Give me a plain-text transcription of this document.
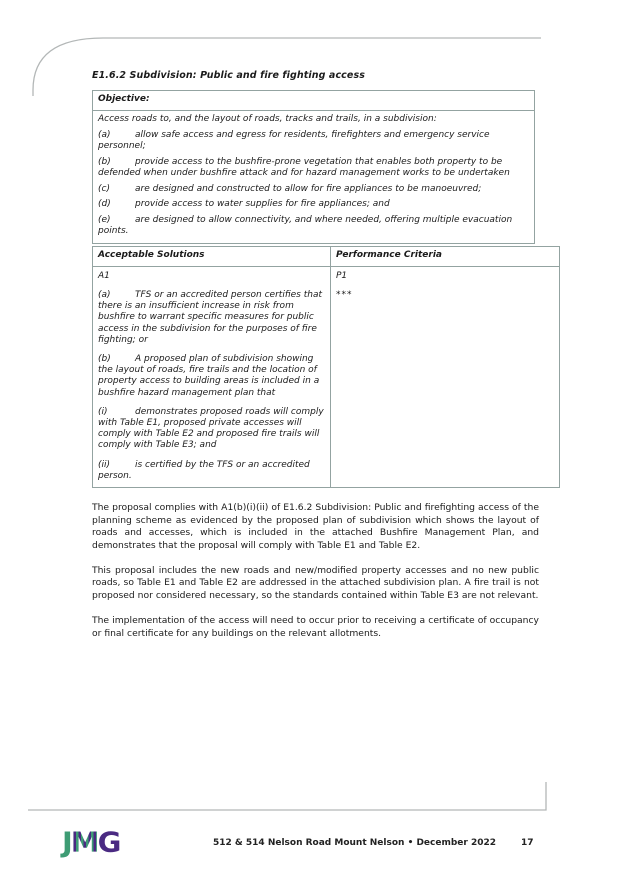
E1.6.2 Subdivision: Public and fire fighting access

Objective:

Access roads to, and the layout of roads, tracks and trails, in a subdivision:

(a)	allow safe access and egress for residents, firefighters and emergency service personnel;

(b)	provide access to the bushfire-prone vegetation that enables both property to be defended when under bushfire attack and for hazard management works to be undertaken

(c)	are designed and constructed to allow for fire appliances to be manoeuvred;

(d)	provide access to water supplies for fire appliances; and

(e)	are designed to allow connectivity, and where needed, offering multiple evacuation points.

Acceptable Solutions	Performance Criteria

A1

(a)	TFS or an accredited person certifies that there is an insufficient increase in risk from bushfire to warrant specific measures for public access in the subdivision for the purposes of fire fighting; or

(b)	A proposed plan of subdivision showing the layout of roads, fire trails and the location of property access to building areas is included in a bushfire hazard management plan that

(i)	demonstrates proposed roads will comply with Table E1, proposed private accesses will comply with Table E2 and proposed fire trails will comply with Table E3; and

(ii)	is certified by the TFS or an accredited person.

P1

***

The proposal complies with A1(b)(i)(ii) of E1.6.2 Subdivision: Public and firefighting access of the planning scheme as evidenced by the proposed plan of subdivision which shows the layout of roads and accesses, which is included in the attached Bushfire Management Plan, and demonstrates that the proposal will comply with Table E1 and Table E2.

This proposal includes the new roads and new/modified property accesses and no new public roads, so Table E1 and Table E2 are addressed in the attached subdivision plan. A fire trail is not proposed nor considered necessary, so the standards contained within Table E3 are not relevant.

The implementation of the access will need to occur prior to receiving a certificate of occupancy or final certificate for any buildings on the relevant allotments.

JMG	512 & 514 Nelson Road Mount Nelson • December 2022	17
